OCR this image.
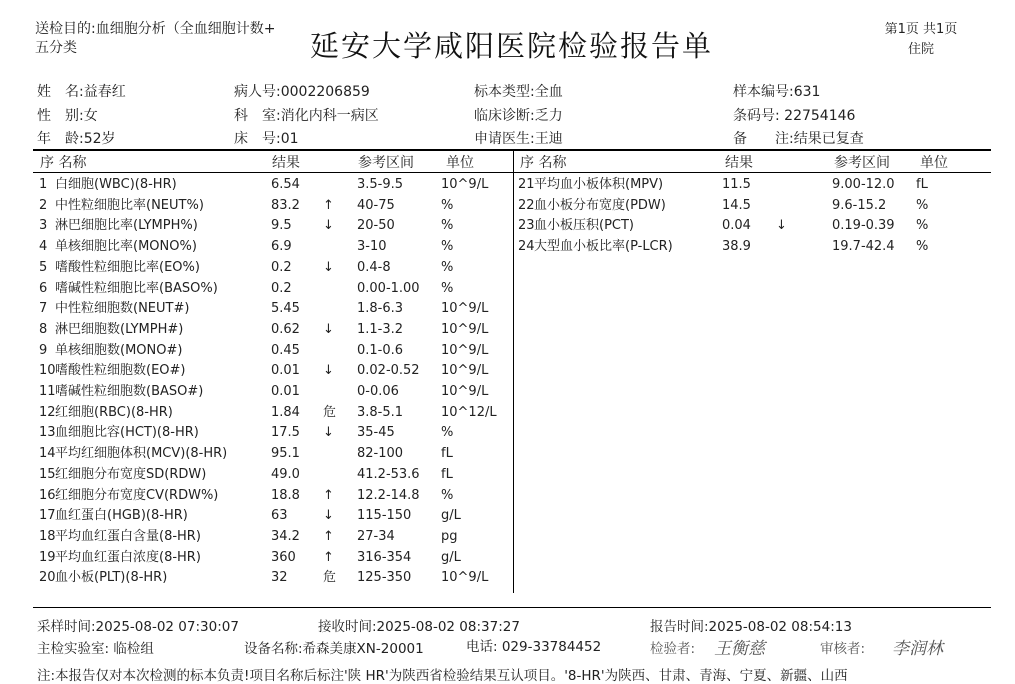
送检目的:血细胞分析（全血细胞计数+
五分类	延安大学咸阳医院检验报告单	第1页 共1页
住院
姓　名:益春红
性　别:女
年　龄:52岁
病人号:0002206859
科　室:消化内科一病区
床　号:01
标本类型:全血
临床诊断:乏力
申请医生:王迪
样本编号:631
条码号: 22754146
备　　注:结果已复查
序 名称	结果	参考区间 单位	序 名称	结果	参考区间 单位
1 白细胞(WBC)(8-HR)	6.54	3.5-9.5	10^9/L
2 中性粒细胞比率(NEUT%)	83.2 ↑ 40-75	%
3 淋巴细胞比率(LYMPH%)	9.5 ↓ 20-50	%
4 单核细胞比率(MONO%)	6.9	3-10	%
5 嗜酸性粒细胞比率(EO%)	0.2 ↓ 0.4-8	%
6 嗜碱性粒细胞比率(BASO%)	0.2	0.00-1.00 %
7 中性粒细胞数(NEUT#)	5.45	1.8-6.3	10^9/L
8 淋巴细胞数(LYMPH#)	0.62 ↓ 1.1-3.2	10^9/L
9 单核细胞数(MONO#)	0.45	0.1-0.6	10^9/L
10 嗜酸性粒细胞数(EO#)	0.01 ↓ 0.02-0.52 10^9/L
11 嗜碱性粒细胞数(BASO#)	0.01	0-0.06	10^9/L
12 红细胞(RBC)(8-HR)	1.84 危 3.8-5.1	10^12/L
13 血细胞比容(HCT)(8-HR)	17.5 ↓ 35-45	%
14 平均红细胞体积(MCV)(8-HR)	95.1	82-100	fL
15 红细胞分布宽度SD(RDW)	49.0	41.2-53.6 fL
16 红细胞分布宽度CV(RDW%)	18.8 ↑ 12.2-14.8 %
17 血红蛋白(HGB)(8-HR)	63	↓ 115-150 g/L
18 平均血红蛋白含量(8-HR)	34.2 ↑ 27-34	pg
19 平均血红蛋白浓度(8-HR)	360 ↑ 316-354 g/L
20 血小板(PLT)(8-HR)	32	危 125-350 10^9/L
21 平均血小板体积(MPV)	11.5	9.00-12.0 fL
22 血小板分布宽度(PDW)	14.5	9.6-15.2 %
23 血小板压积(PCT)	0.04 ↓	0.19-0.39 %
24 大型血小板比率(P-LCR)	38.9	19.7-42.4 %
采样时间:2025-08-02 07:30:07	接收时间:2025-08-02 08:37:27	报告时间:2025-08-02 08:54:13
主检实验室: 临检组	设备名称:希森美康XN-20001	电话: 029-33784452	检验者: 王衡慈	审核者: 李润林
注:本报告仅对本次检测的标本负责!项目名称后标注'陕 HR'为陕西省检验结果互认项目。'8-HR'为陕西、甘肃、青海、宁夏、新疆、山西
